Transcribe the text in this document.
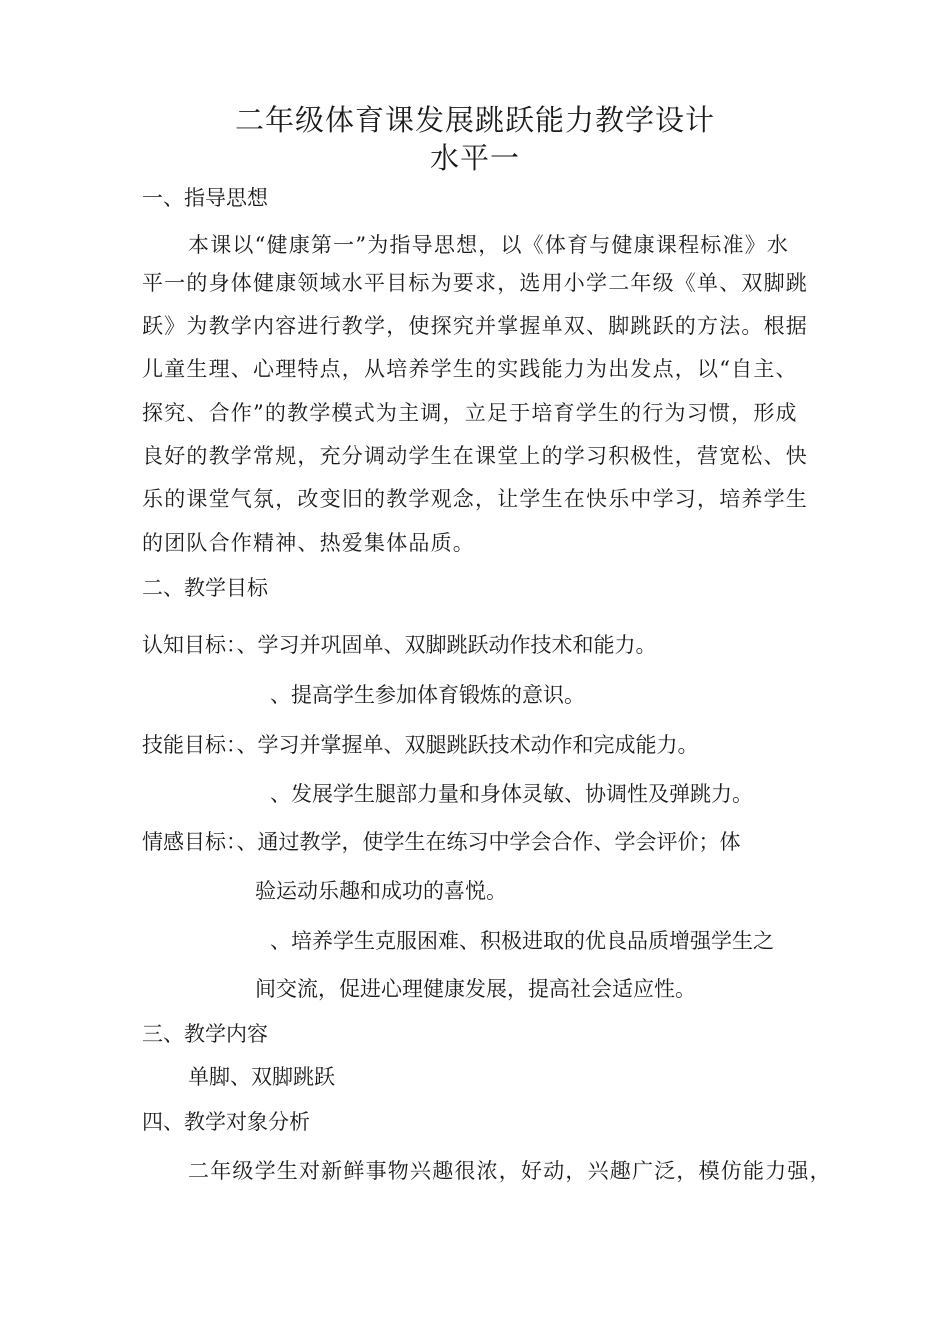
二年级体育课发展跳跃能力教学设计
水平一
一、指导思想
本课以“健康第一”为指导思想，以《体育与健康课程标准》水
平一的身体健康领域水平目标为要求，选用小学二年级《单、双脚跳
跃》为教学内容进行教学，使探究并掌握单双、脚跳跃的方法。根据
儿童生理、心理特点，从培养学生的实践能力为出发点，以“自主、
探究、合作”的教学模式为主调，立足于培育学生的行为习惯，形成
良好的教学常规，充分调动学生在课堂上的学习积极性，营宽松、快
乐的课堂气氛，改变旧的教学观念，让学生在快乐中学习，培养学生
的团队合作精神、热爱集体品质。
二、教学目标
认知目标：、学习并巩固单、双脚跳跃动作技术和能力。
、提高学生参加体育锻炼的意识。
技能目标：、学习并掌握单、双腿跳跃技术动作和完成能力。
、发展学生腿部力量和身体灵敏、协调性及弹跳力。
情感目标：、通过教学，使学生在练习中学会合作、学会评价；体
验运动乐趣和成功的喜悦。
、培养学生克服困难、积极进取的优良品质增强学生之
间交流，促进心理健康发展，提高社会适应性。
三、教学内容
单脚、双脚跳跃
四、教学对象分析
二年级学生对新鲜事物兴趣很浓，好动，兴趣广泛，模仿能力强，
